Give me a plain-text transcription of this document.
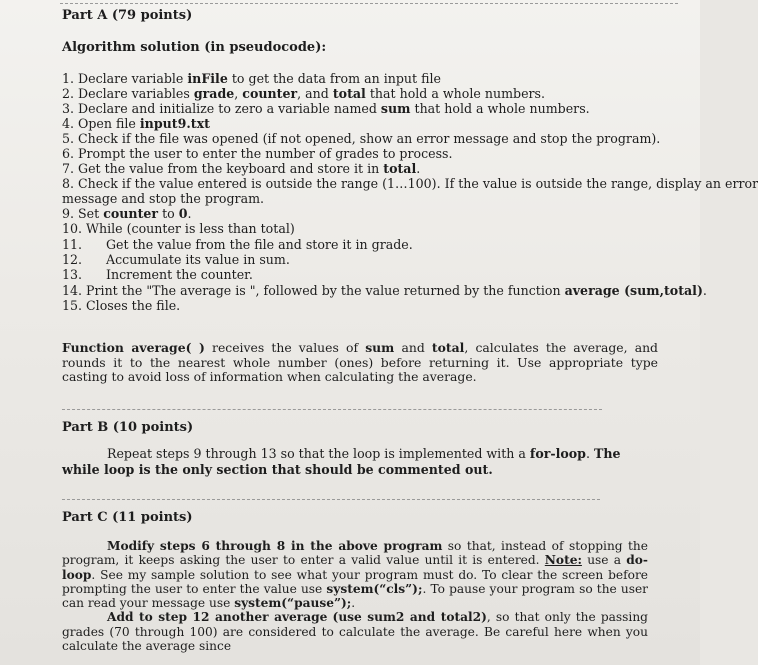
Part A (79 points)
Algorithm solution (in pseudocode):
1. Declare variable inFile to get the data from an input file
2. Declare variables grade, counter, and total that hold a whole numbers.
3. Declare and initialize to zero a variable named sum that hold a whole numbers.
4. Open file input9.txt
5. Check if the file was opened (if not opened, show an error message and stop the program).
6. Prompt the user to enter the number of grades to process.
7. Get the value from the keyboard and store it in total.
8. Check if the value entered is outside the range (1…100). If the value is outside the range, display an error
message and stop the program.
9. Set counter to 0.
10. While (counter is less than total)
11. Get the value from the file and store it in grade.
12. Accumulate its value in sum.
13. Increment the counter.
14. Print the "The average is ", followed by the value returned by the function average (sum,total).
15. Closes the file.
Function average( ) receives the values of sum and total, calculates the average, and rounds it to the nearest whole number (ones) before returning it. Use appropriate type casting to avoid loss of information when calculating the average.
Part B (10 points)
Repeat steps 9 through 13 so that the loop is implemented with a for-loop. The while loop is the only section that should be commented out.
Part C (11 points)

Modify steps 6 through 8 in the above program so that, instead of stopping the program, it keeps asking the user to enter a valid value until it is entered. Note: use a do-loop. See my sample solution to see what your program must do. To clear the screen before prompting the user to enter the value use system(“cls”);. To pause your program so the user can read your message use system(“pause”);.

Add to step 12 another average (use sum2 and total2), so that only the passing grades (70 through 100) are considered to calculate the average. Be careful here when you calculate the average since
